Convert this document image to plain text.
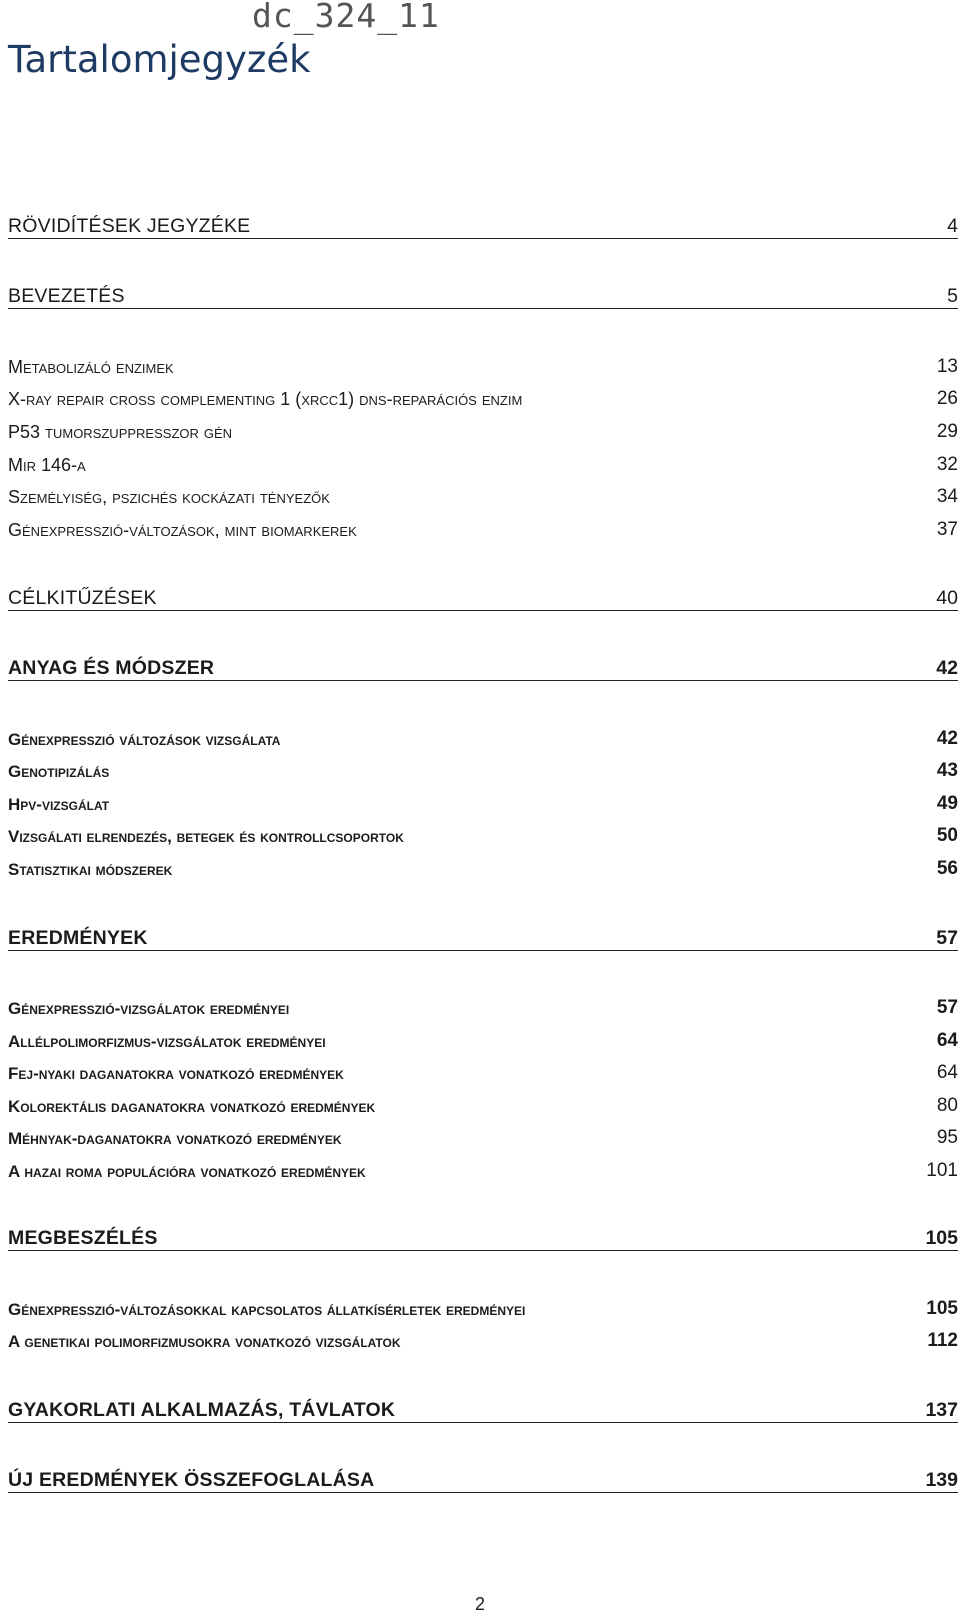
dc_324_11
Tartalomjegyzék
RÖVIDÍTÉSEK JEGYZÉKE	4
BEVEZETÉS	5
Metabolizáló enzimek	13
X-ray repair cross complementing 1 (xrcc1) dns-reparációs enzim	26
P53 tumorszuppresszor gén	29
Mir 146-a	32
Személyiség, pszichés kockázati tényezők	34
Génexpresszió-változások, mint biomarkerek	37
CÉLKITŰZÉSEK	40
ANYAG ÉS MÓDSZER	42
Génexpresszió változások vizsgálata	42
Genotipizálás	43
Hpv-vizsgálat	49
Vizsgálati elrendezés, betegek és kontrollcsoportok	50
Statisztikai módszerek	56
EREDMÉNYEK	57
Génexpresszió-vizsgálatok eredményei	57
Allélpolimorfizmus-vizsgálatok eredményei	64
Fej-nyaki daganatokra vonatkozó eredmények	64
Kolorektális daganatokra vonatkozó eredmények	80
Méhnyak-daganatokra vonatkozó eredmények	95
A hazai roma populációra vonatkozó eredmények	101
MEGBESZÉLÉS	105
Génexpresszió-változásokkal kapcsolatos állatkísérletek eredményei	105
A genetikai polimorfizmusokra vonatkozó vizsgálatok	112
GYAKORLATI ALKALMAZÁS, TÁVLATOK	137
ÚJ EREDMÉNYEK ÖSSZEFOGLALÁSA	139
2
